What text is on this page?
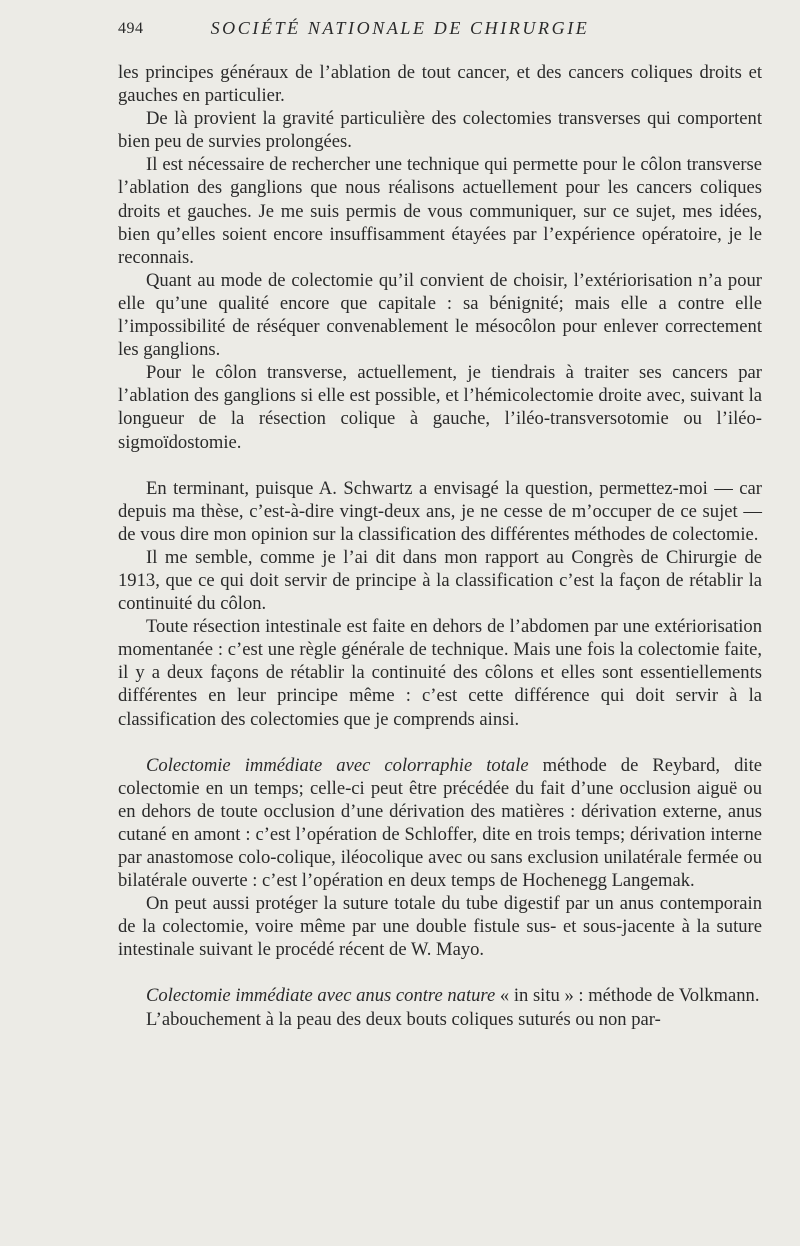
494	SOCIÉTÉ NATIONALE DE CHIRURGIE

les principes généraux de l’ablation de tout cancer, et des cancers coliques droits et gauches en particulier.

De là provient la gravité particulière des colectomies transverses qui comportent bien peu de survies prolongées.

Il est nécessaire de rechercher une technique qui permette pour le côlon transverse l’ablation des ganglions que nous réalisons actuellement pour les cancers coliques droits et gauches. Je me suis permis de vous communiquer, sur ce sujet, mes idées, bien qu’elles soient encore insuffisamment étayées par l’expérience opératoire, je le reconnais.

Quant au mode de colectomie qu’il convient de choisir, l’extériorisation n’a pour elle qu’une qualité encore que capitale : sa bénignité; mais elle a contre elle l’impossibilité de réséquer convenablement le mésocôlon pour enlever correctement les ganglions.

Pour le côlon transverse, actuellement, je tiendrais à traiter ses cancers par l’ablation des ganglions si elle est possible, et l’hémicolectomie droite avec, suivant la longueur de la résection colique à gauche, l’iléo-transversotomie ou l’iléo-sigmoïdostomie.

En terminant, puisque A. Schwartz a envisagé la question, permettez-moi — car depuis ma thèse, c’est-à-dire vingt-deux ans, je ne cesse de m’occuper de ce sujet — de vous dire mon opinion sur la classification des différentes méthodes de colectomie.

Il me semble, comme je l’ai dit dans mon rapport au Congrès de Chirurgie de 1913, que ce qui doit servir de principe à la classification c’est la façon de rétablir la continuité du côlon.

Toute résection intestinale est faite en dehors de l’abdomen par une extériorisation momentanée : c’est une règle générale de technique. Mais une fois la colectomie faite, il y a deux façons de rétablir la continuité des côlons et elles sont essentiellements différentes en leur principe même : c’est cette différence qui doit servir à la classification des colectomies que je comprends ainsi.

Colectomie immédiate avec colorraphie totale méthode de Reybard, dite colectomie en un temps; celle-ci peut être précédée du fait d’une occlusion aiguë ou en dehors de toute occlusion d’une dérivation des matières : dérivation externe, anus cutané en amont : c’est l’opération de Schloffer, dite en trois temps; dérivation interne par anastomose colo-colique, iléocolique avec ou sans exclusion unilatérale fermée ou bilatérale ouverte : c’est l’opération en deux temps de Hochenegg Langemak.

On peut aussi protéger la suture totale du tube digestif par un anus contemporain de la colectomie, voire même par une double fistule sus- et sous-jacente à la suture intestinale suivant le procédé récent de W. Mayo.

Colectomie immédiate avec anus contre nature « in situ » : méthode de Volkmann.

L’abouchement à la peau des deux bouts coliques suturés ou non par-
